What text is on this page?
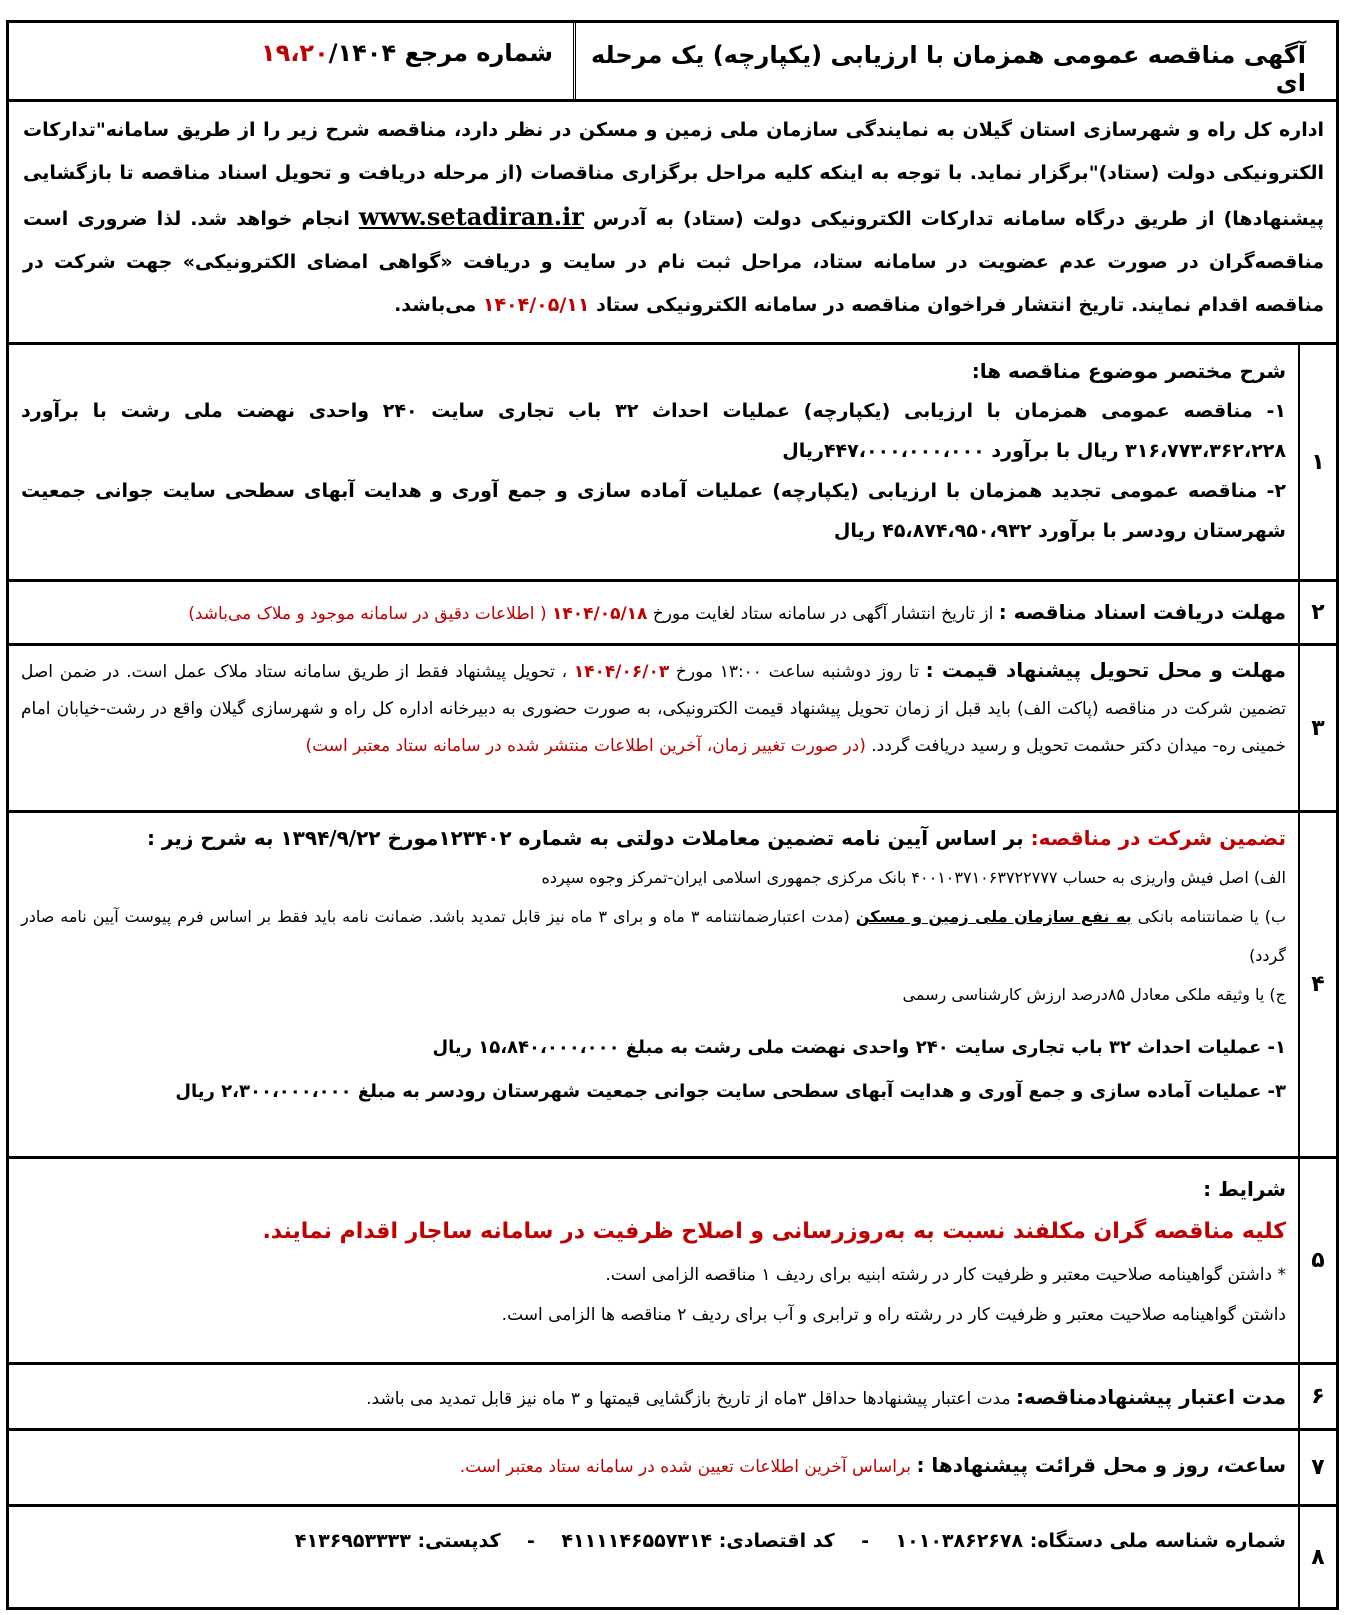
آگهی مناقصه عمومی همزمان با ارزیابی (یکپارچه) یک مرحله ای
شماره مرجع ۱۹،۲۰/۱۴۰۴
اداره کل راه و شهرسازی استان گیلان به نمایندگی سازمان ملی زمین و مسکن در نظر دارد، مناقصه شرح زیر را از طریق سامانه"تدارکات الکترونیکی دولت (ستاد)"برگزار نماید. با توجه به اینکه کلیه مراحل برگزاری مناقصات (از مرحله دریافت و تحویل اسناد مناقصه تا بازگشایی پیشنهادها) از طریق درگاه سامانه تدارکات الکترونیکی دولت (ستاد) به آدرس www.setadiran.ir انجام خواهد شد. لذا ضروری است مناقصه‌گران در صورت عدم عضویت در سامانه ستاد، مراحل ثبت نام در سایت و دریافت «گواهی امضای الکترونیکی» جهت شرکت در مناقصه اقدام نمایند. تاریخ انتشار فراخوان مناقصه در سامانه الکترونیکی ستاد ۱۴۰۴/۰۵/۱۱ می‌باشد.
۱

شرح مختصر موضوع مناقصه ها:

۱- مناقصه عمومی همزمان با ارزیابی (یکپارچه) عملیات احداث ۳۲ باب تجاری سایت ۲۴۰ واحدی نهضت ملی رشت با برآورد ۳۱۶،۷۷۳،۳۶۲،۲۲۸ ریال با برآورد ۴۴۷،۰۰۰،۰۰۰،۰۰۰ریال

۲- مناقصه عمومی تجدید همزمان با ارزیابی (یکپارچه) عملیات آماده سازی و جمع آوری و هدایت آبهای سطحی سایت جوانی جمعیت شهرستان رودسر با برآورد ۴۵،۸۷۴،۹۵۰،۹۳۲ ریال

۲
مهلت دریافت اسناد مناقصه : از تاریخ انتشار آگهی در سامانه ستاد لغایت مورخ ۱۴۰۴/۰۵/۱۸ ( اطلاعات دقیق در سامانه موجود و ملاک می‌باشد)
۳
مهلت و محل تحویل پیشنهاد قیمت : تا روز دوشنبه ساعت ۱۳:۰۰ مورخ ۱۴۰۴/۰۶/۰۳ ، تحویل پیشنهاد فقط از طریق سامانه ستاد ملاک عمل است. در ضمن اصل تضمین شرکت در مناقصه (پاکت الف) باید قبل از زمان تحویل پیشنهاد قیمت الکترونیکی، به صورت حضوری به دبیرخانه اداره کل راه و شهرسازی گیلان واقع در رشت-خیابان امام خمینی ره- میدان دکتر حشمت تحویل و رسید دریافت گردد. (در صورت تغییر زمان، آخرین اطلاعات منتشر شده در سامانه ستاد معتبر است)
۴

تضمین شرکت در مناقصه: بر اساس آیین نامه تضمین معاملات دولتی به شماره ۱۲۳۴۰۲مورخ ۱۳۹۴/۹/۲۲ به شرح زیر :

الف) اصل فیش واریزی به حساب ۴۰۰۱۰۳۷۱۰۶۳۷۲۲۷۷۷ بانک مرکزی جمهوری اسلامی ایران-تمرکز وجوه سپرده

ب) یا ضمانتنامه بانکی به نفع سازمان ملی زمین و مسکن (مدت اعتبارضمانتنامه ۳ ماه و برای ۳ ماه نیز قابل تمدید باشد. ضمانت نامه باید فقط بر اساس فرم پیوست آیین نامه صادر گردد)

ج) یا وثیقه ملکی معادل ۸۵درصد ارزش کارشناسی رسمی

۱- عملیات احداث ۳۲ باب تجاری سایت ۲۴۰ واحدی نهضت ملی رشت به مبلغ ۱۵،۸۴۰،۰۰۰،۰۰۰ ریال

۳- عملیات آماده سازی و جمع آوری و هدایت آبهای سطحی سایت جوانی جمعیت شهرستان رودسر به مبلغ ۲،۳۰۰،۰۰۰،۰۰۰ ریال

۵

شرایط :

کلیه مناقصه گران مکلفند نسبت به به‌روزرسانی و اصلاح ظرفیت در سامانه ساجار اقدام نمایند.

* داشتن گواهینامه صلاحیت معتبر و ظرفیت کار در رشته ابنیه برای ردیف ۱ مناقصه الزامی است.

داشتن گواهینامه صلاحیت معتبر و ظرفیت کار در رشته راه و ترابری و آب برای ردیف ۲ مناقصه ها الزامی است.

۶
مدت اعتبار پیشنهادمناقصه: مدت اعتبار پیشنهادها حداقل ۳ماه از تاریخ بازگشایی قیمتها و ۳ ماه نیز قابل تمدید می باشد.
۷
ساعت، روز و محل قرائت پیشنهادها : براساس آخرین اطلاعات تعیین شده در سامانه ستاد معتبر است.
۸
شماره شناسه ملی دستگاه: ۱۰۱۰۳۸۶۲۶۷۸    -    کد اقتصادی: ۴۱۱۱۱۴۶۵۵۷۳۱۴    -    کدپستی: ۴۱۳۶۹۵۳۳۳۳
